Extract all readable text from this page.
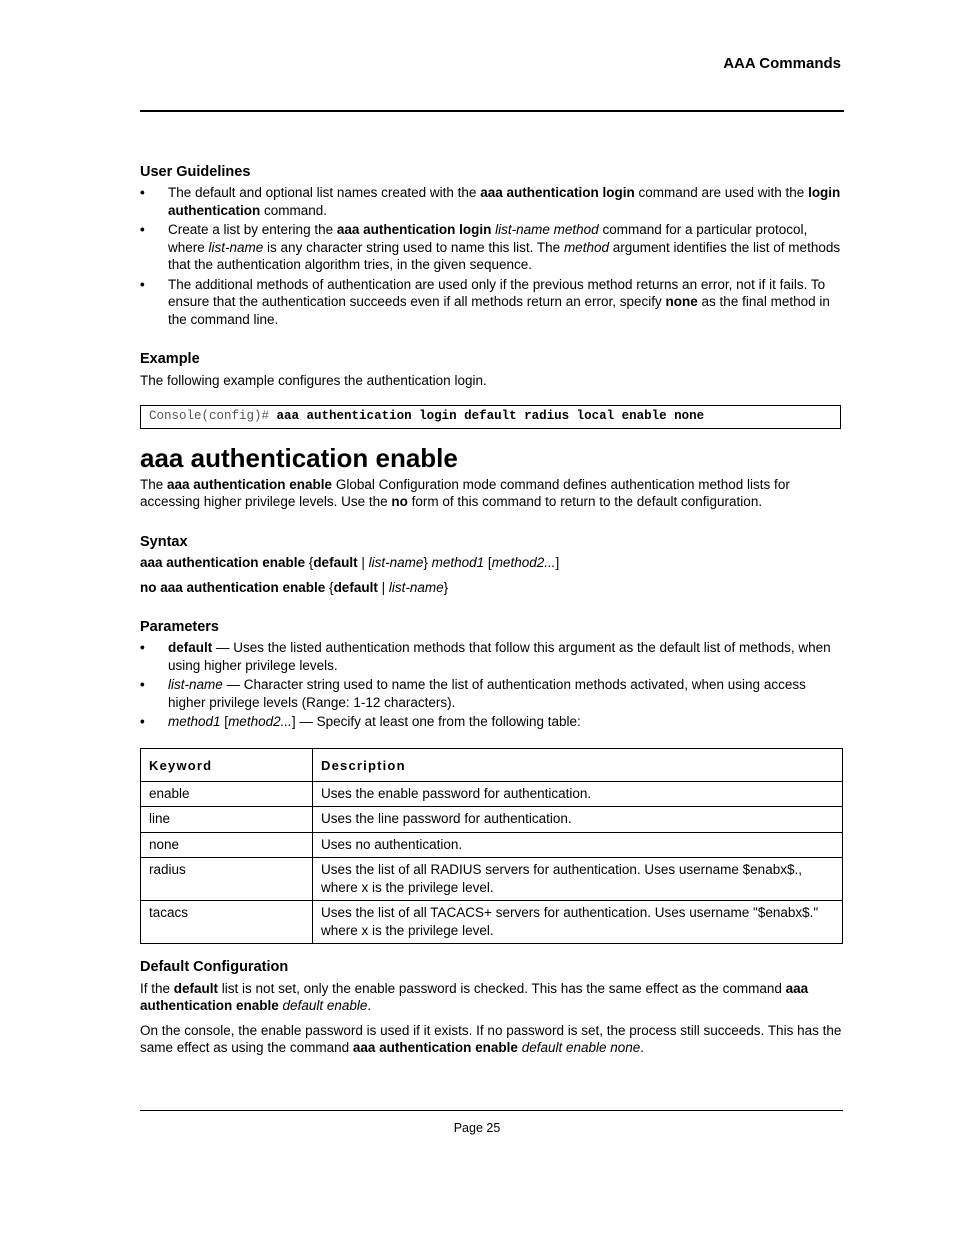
AAA Commands
User Guidelines
• The default and optional list names created with the aaa authentication login command are used with the login authentication command.
• Create a list by entering the aaa authentication login list-name method command for a particular protocol, where list-name is any character string used to name this list. The method argument identifies the list of methods that the authentication algorithm tries, in the given sequence.
• The additional methods of authentication are used only if the previous method returns an error, not if it fails. To ensure that the authentication succeeds even if all methods return an error, specify none as the final method in the command line.
Example
The following example configures the authentication login.
Console(config)# aaa authentication login default radius local enable none
aaa authentication enable
The aaa authentication enable Global Configuration mode command defines authentication method lists for accessing higher privilege levels. Use the no form of this command to return to the default configuration.
Syntax
aaa authentication enable {default | list-name} method1 [method2...]
no aaa authentication enable {default | list-name}
Parameters
• default — Uses the listed authentication methods that follow this argument as the default list of methods, when using higher privilege levels.
• list-name — Character string used to name the list of authentication methods activated, when using access higher privilege levels (Range: 1-12 characters).
• method1 [method2...] — Specify at least one from the following table:
Keyword	Description
enable	Uses the enable password for authentication.
line	Uses the line password for authentication.
none	Uses no authentication.
radius	Uses the list of all RADIUS servers for authentication. Uses username $enabx$., where x is the privilege level.
tacacs	Uses the list of all TACACS+ servers for authentication. Uses username "$enabx$." where x is the privilege level.
Default Configuration
If the default list is not set, only the enable password is checked. This has the same effect as the command aaa authentication enable default enable.
On the console, the enable password is used if it exists. If no password is set, the process still succeeds. This has the same effect as using the command aaa authentication enable default enable none.
Page 25
